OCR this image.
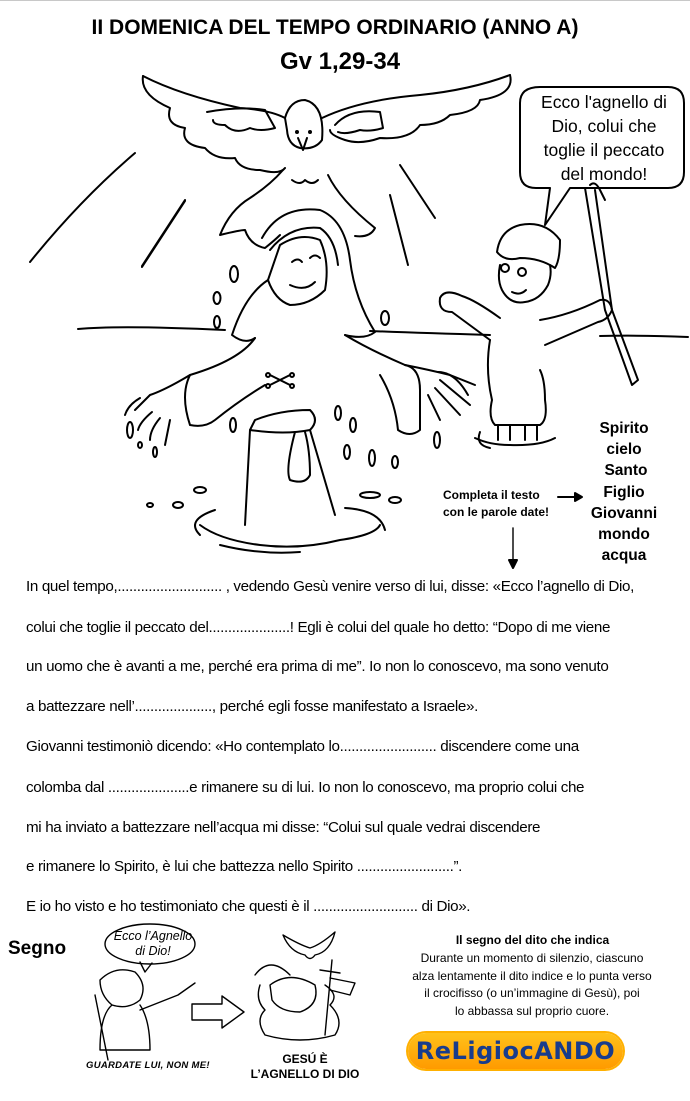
II DOMENICA DEL TEMPO ORDINARIO (ANNO A)
Gv 1,29-34
Ecco l'agnello di
Dio, colui che
toglie il peccato
del mondo!
Completa il testo
con le parole date!
Spirito
cielo
Santo
Figlio
Giovanni
mondo
acqua
In quel tempo,........................... , vedendo Gesù venire verso di lui, disse: «Ecco l’agnello di Dio,
colui che toglie il peccato del.....................! Egli è colui del quale ho detto: “Dopo di me viene
un uomo che è avanti a me, perché era prima di me”. Io non lo conoscevo, ma sono venuto
a battezzare nell’...................., perché egli fosse manifestato a Israele».
Giovanni testimoniò dicendo: «Ho contemplato lo......................... discendere come una
colomba dal .....................e rimanere su di lui. Io non lo conoscevo, ma proprio colui che
mi ha inviato a battezzare nell’acqua mi disse: “Colui sul quale vedrai discendere
e rimanere lo Spirito, è lui che battezza nello Spirito .........................”.
E io ho visto e ho testimoniato che questi è il ........................... di Dio».
Segno
Ecco l’Agnello
di Dio!
GUARDATE LUI, NON ME!	GESÚ È
L’AGNELLO DI DIO
Il segno del dito che indica
Durante un momento di silenzio, ciascuno
alza lentamente il dito indice e lo punta verso
il crocifisso (o un’immagine di Gesù), poi
lo abbassa sul proprio cuore.
ReLigiocANDO
